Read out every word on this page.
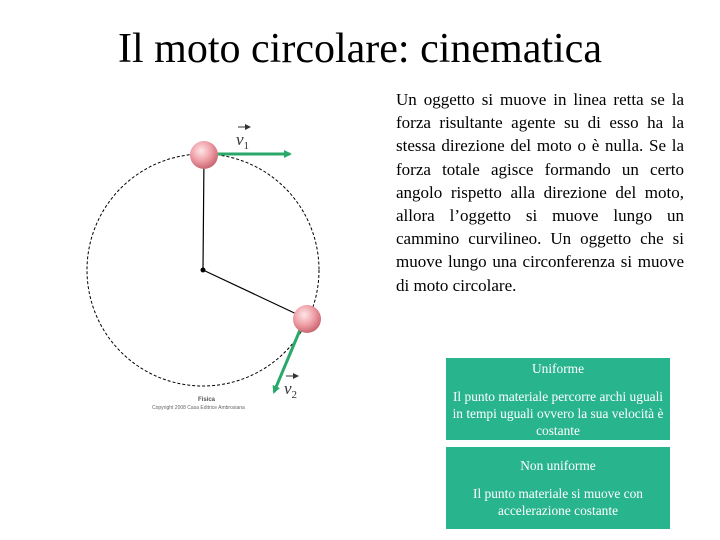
Il moto circolare: cinematica
$v_1$
$v_2$
Fisica
Copyright 2008 Casa Editrice Ambrosiana
Un oggetto si muove in linea retta se la forza risultante agente su di esso ha la stessa direzione del moto o è nulla. Se la forza totale agisce formando un certo angolo rispetto alla direzione del moto, allora l’oggetto si muove lungo un cammino curvilineo. Un oggetto che si muove lungo una circonferenza si muove di moto circolare.
Uniforme
Il punto materiale percorre archi uguali in tempi uguali ovvero la sua velocità è costante
Non uniforme
Il punto materiale si muove con accelerazione costante
